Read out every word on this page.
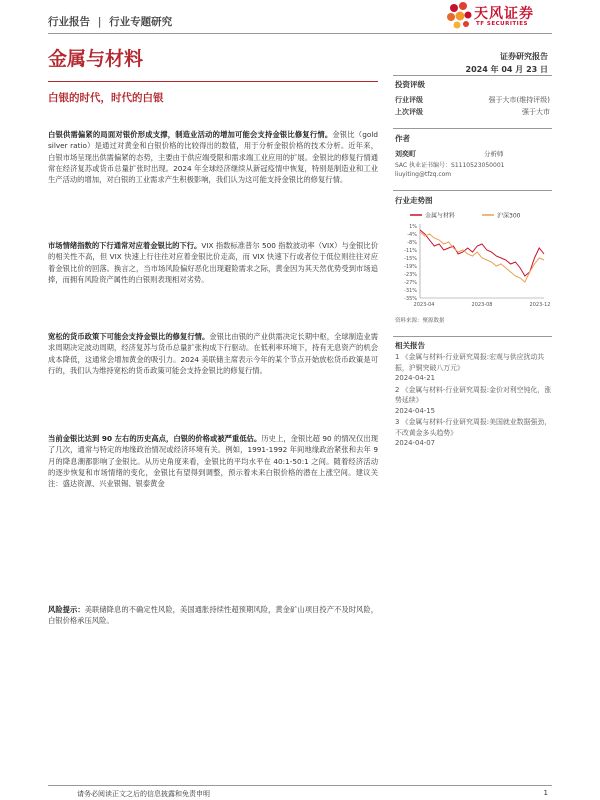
行业报告 | 行业专题研究	天风证券
TF SECURITIES
金属与材料	证券研究报告
2024 年 04 月 23 日
白银的时代，时代的白银
白银供需偏紧的局面对银价形成支撑，制造业活动的增加可能会支持金银比修复行情。金银比（gold silver ratio）是通过对黄金和白银价格的比较得出的数值，用于分析金银价格的技术分析。近年来，白银市场呈现出供需偏紧的态势，主要由于供应端受限和需求端工业应用的扩展。金银比的修复行情通常在经济复苏或货币总量扩张时出现。2024 年全球经济继续从新冠疫情中恢复，特别是制造业和工业生产活动的增加，对白银的工业需求产生积极影响，我们认为这可能支持金银比的修复行情。
市场情绪指数的下行通常对应着金银比的下行。VIX 指数标准普尔 500 指数波动率（VIX）与金银比价的相关性不高，但 VIX 快速上行往往对应着金银比价走高，而 VIX 快速下行或者位于低位则往往对应着金银比价的回落。换言之，当市场风险偏好恶化出现避险需求之际，黄金因为其天然优势受到市场追捧，而拥有风险资产属性的白银则表现相对劣势。
宽松的货币政策下可能会支持金银比的修复行情。金银比由银的产业供需决定长期中枢，全球制造业需求周期决定波动周期，经济复苏与货币总量扩张构成下行驱动。在低利率环境下，持有无息资产的机会成本降低，这通常会增加黄金的吸引力。2024 美联储主席表示今年的某个节点开始放松货币政策是可行的，我们认为维持宽松的货币政策可能会支持金银比的修复行情。
当前金银比达到 90 左右的历史高点，白银的价格或被严重低估。历史上，金银比超 90 的情况仅出现了几次，通常与特定的地缘政治情况或经济环境有关。例如，1991-1992 年间地缘政治紧张和去年 9 月的降息潮都影响了金银比。从历史角度来看，金银比的平均水平在 40:1-50:1 之间。随着经济活动的逐步恢复和市场情绪的变化，金银比有望得到调整，预示着未来白银价格的潜在上涨空间。建议关注：盛达资源、兴业银锡、银泰黄金
风险提示：美联储降息的不确定性风险，美国通胀持续性超预期风险，黄金矿山项目投产不及时风险，白银价格承压风险。
投资评级
行业评级	强于大市(维持评级)
上次评级	强于大市
作者
刘奕町	分析师
SAC 执业证书编号：S1110523050001
liuyiting@tfzq.com
行业走势图
金属与材料	沪深300
1%
-4%
-8%
-11%
-15%
-19%
-23%
-27%
-31%
-35%
2023-04	2023-08	2023-12
资料来源：聚源数据
相关报告
1 《金属与材料-行业研究周报:宏观与供应扰动共振，沪铜突破八万元》
2024-04-21
2 《金属与材料-行业研究周报:金价对利空钝化，涨势延续》
2024-04-15
3 《金属与材料-行业研究周报:美国就业数据强劲，不改黄金多头趋势》
2024-04-07
请务必阅读正文之后的信息披露和免责申明	1
